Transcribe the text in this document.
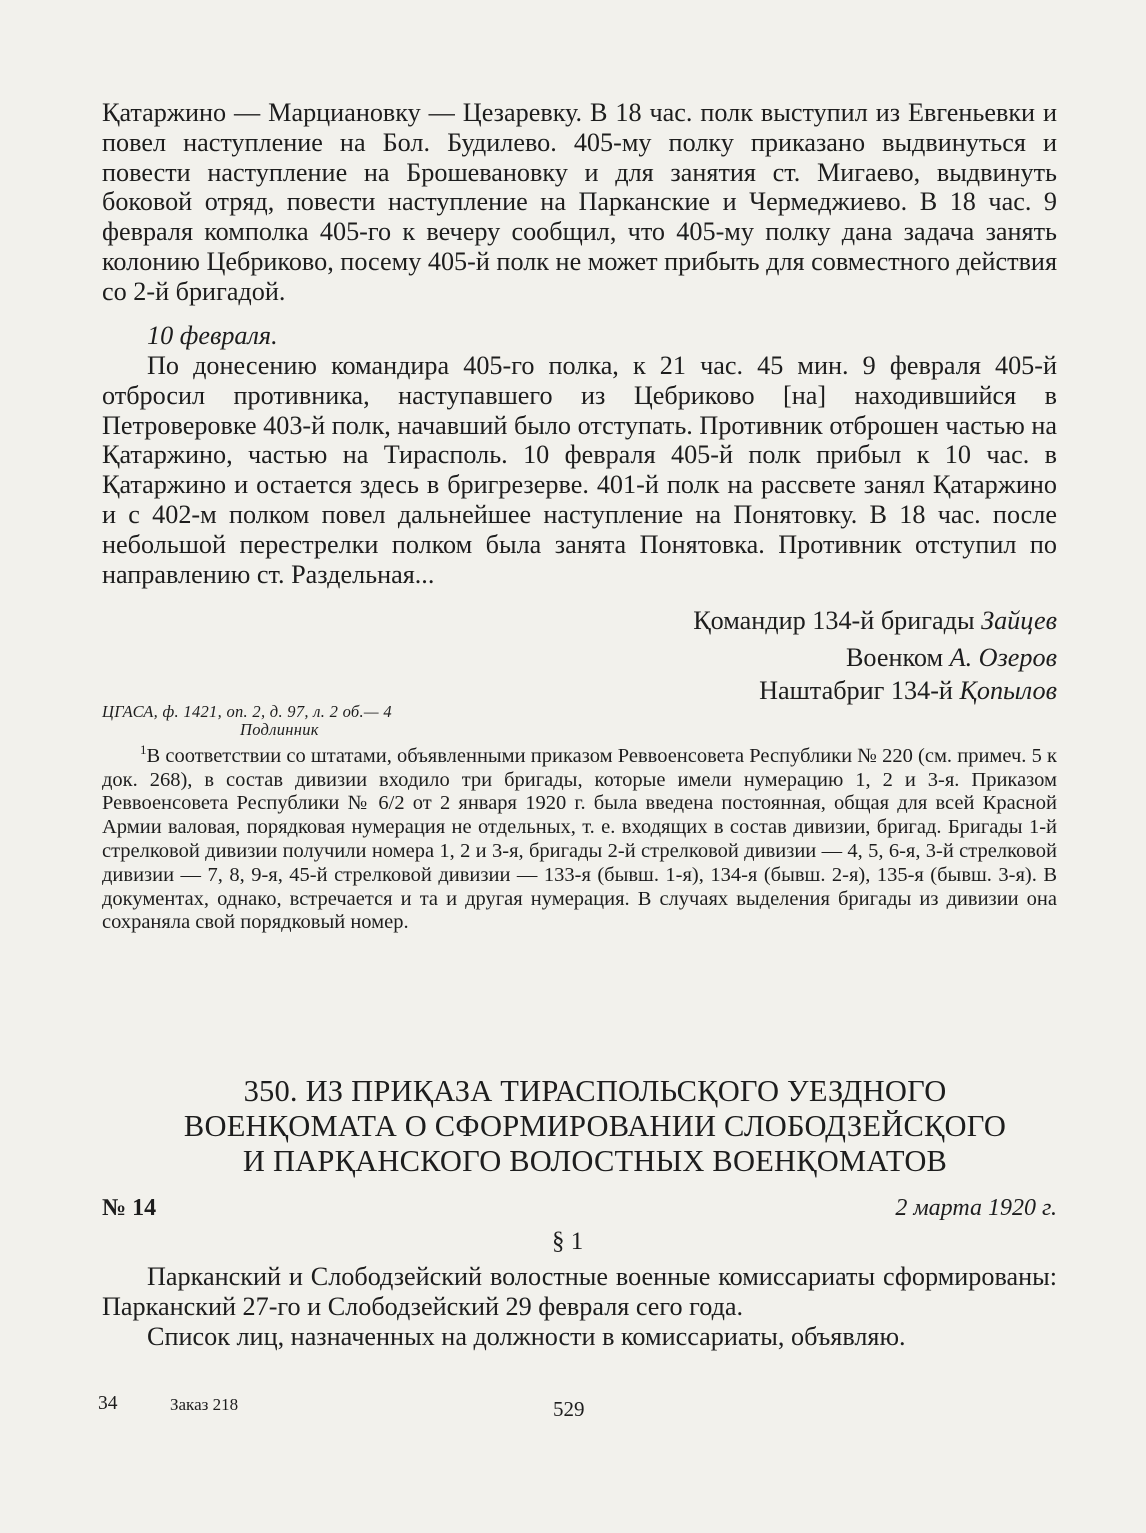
Қатаржино — Марциановку — Цезаревку. В 18 час. полк выступил из Евгеньевки и повел наступление на Бол. Будилево. 405-му полку приказано выдвинуться и повести наступление на Брошевановку и для занятия ст. Мигаево, выдвинуть боковой отряд, повести наступление на Парканские и Чермеджиево. В 18 час. 9 февраля комполка 405-го к вечеру сообщил, что 405-му полку дана задача занять колонию Цебриково, посему 405-й полк не может прибыть для совместного действия со 2-й бригадой.

10 февраля.

По донесению командира 405-го полка, к 21 час. 45 мин. 9 февраля 405-й отбросил противника, наступавшего из Цебриково [на] находившийся в Петроверовке 403-й полк, начавший было отступать. Противник отброшен частью на Қатаржино, частью на Тирасполь. 10 февраля 405-й полк прибыл к 10 час. в Қатаржино и остается здесь в бригрезерве. 401-й полк на рассвете занял Қатаржино и с 402-м полком повел дальнейшее наступление на Понятовку. В 18 час. после небольшой перестрелки полком была занята Понятовка. Противник отступил по направлению ст. Раздельная...

Қомандир 134-й бригады Зайцев
Военком А. Озеров
Наштабриг 134-й Қопылов
ЦГАСА, ф. 1421, оп. 2, д. 97, л. 2 об.— 4
Подлинник

$^1$В соответствии со штатами, объявленными приказом Реввоенсовета Республики № 220 (см. примеч. 5 к док. 268), в состав дивизии входило три бригады, которые имели нумерацию 1, 2 и 3-я. Приказом Реввоенсовета Республики № 6/2 от 2 января 1920 г. была введена постоянная, общая для всей Красной Армии валовая, порядковая нумерация не отдельных, т. е. входящих в состав дивизии, бригад. Бригады 1-й стрелковой дивизии получили номера 1, 2 и 3-я, бригады 2-й стрелковой дивизии — 4, 5, 6-я, 3-й стрелковой дивизии — 7, 8, 9-я, 45-й стрелковой дивизии — 133-я (бывш. 1-я), 134-я (бывш. 2-я), 135-я (бывш. 3-я). В документах, однако, встречается и та и другая нумерация. В случаях выделения бригады из дивизии она сохраняла свой порядковый номер.

350. ИЗ ПРИҚАЗА ТИРАСПОЛЬСҚОГО УЕЗДНОГО
ВОЕНҚОМАТА О СФОРМИРОВАНИИ СЛОБОДЗЕЙСҚОГО
И ПАРҚАНСКОГО ВОЛОСТНЫХ ВОЕНҚОМАТОВ
№ 14	2 марта 1920 г.
§ 1

Парканский и Слободзейский волостные военные комиссариаты сформированы: Парканский 27-го и Слободзейский 29 февраля сего года.

Список лиц, назначенных на должности в комиссариаты, объявляю.

34	Заказ 218	529
